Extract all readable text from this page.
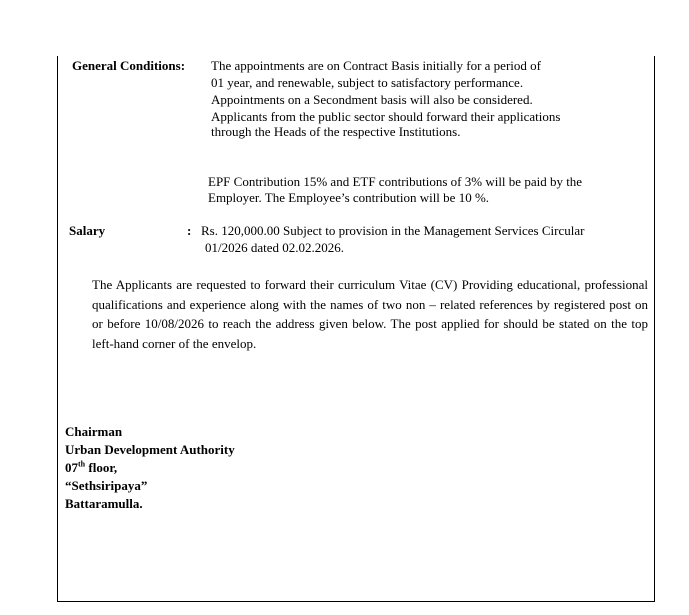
General Conditions: The appointments are on Contract Basis initially for a period of
01 year, and renewable, subject to satisfactory performance.
Appointments on a Secondment basis will also be considered.
Applicants from the public sector should forward their applications
through the Heads of the respective Institutions.
EPF Contribution 15% and ETF contributions of 3% will be paid by the
Employer. The Employee’s contribution will be 10 %.
Salary	: Rs. 120,000.00 Subject to provision in the Management Services Circular
01/2026 dated 02.02.2026.
The Applicants are requested to forward their curriculum Vitae (CV) Providing educational, professional qualifications and experience along with the names of two non – related references by registered post on or before 10/08/2026 to reach the address given below. The post applied for should be stated on the top left-hand corner of the envelop.
Chairman
Urban Development Authority
07th floor,
“Sethsiripaya”
Battaramulla.
